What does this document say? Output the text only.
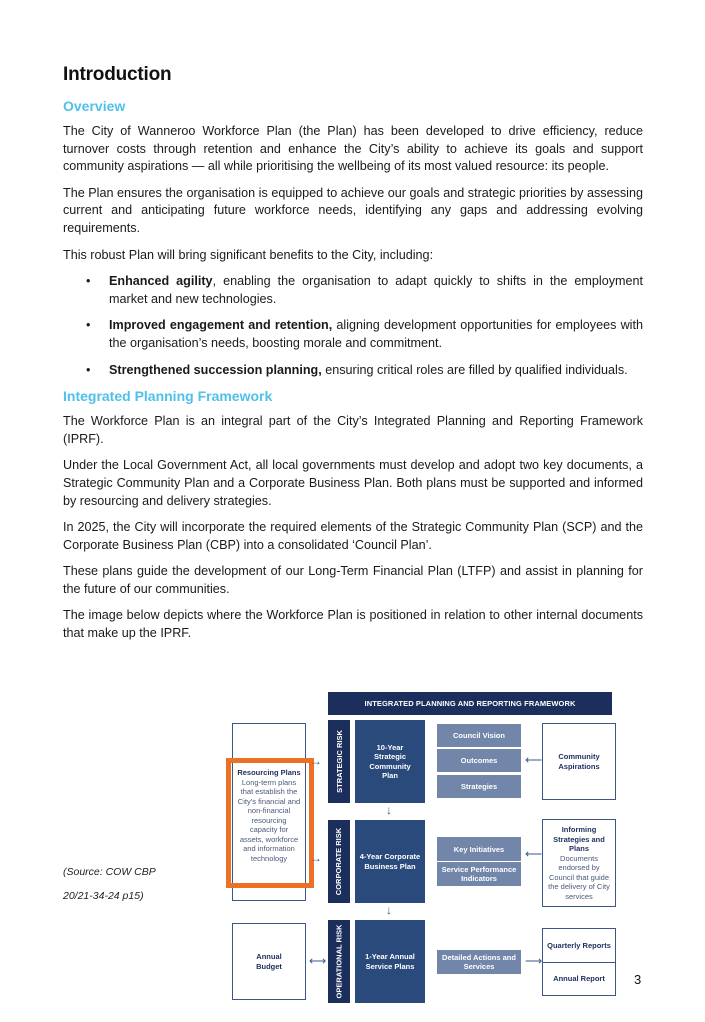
Introduction
Overview

The City of Wanneroo Workforce Plan (the Plan) has been developed to drive efficiency, reduce turnover costs through retention and enhance the City’s ability to achieve its goals and support community aspirations — all while prioritising the wellbeing of its most valued resource: its people.

The Plan ensures the organisation is equipped to achieve our goals and strategic priorities by assessing current and anticipating future workforce needs, identifying any gaps and addressing evolving requirements.

This robust Plan will bring significant benefits to the City, including:

• Enhanced agility, enabling the organisation to adapt quickly to shifts in the employment market and new technologies.
• Improved engagement and retention, aligning development opportunities for employees with the organisation’s needs, boosting morale and commitment.
• Strengthened succession planning, ensuring critical roles are filled by qualified individuals.
Integrated Planning Framework

The Workforce Plan is an integral part of the City’s Integrated Planning and Reporting Framework (IPRF).

Under the Local Government Act, all local governments must develop and adopt two key documents, a Strategic Community Plan and a Corporate Business Plan. Both plans must be supported and informed by resourcing and delivery strategies.

In 2025, the City will incorporate the required elements of the Strategic Community Plan (SCP) and the Corporate Business Plan (CBP) into a consolidated ‘Council Plan’.

These plans guide the development of our Long-Term Financial Plan (LTFP) and assist in planning for the future of our communities.

The image below depicts where the Workforce Plan is positioned in relation to other internal documents that make up the IPRF.

(Source: COW CBP
20/21-34-24 p15)
3
INTEGRATED PLANNING AND REPORTING FRAMEWORK
STRATEGIC RISK
CORPORATE RISK
OPERATIONAL RISK
10-Year Strategic Community Plan
4-Year Corporate Business Plan
1-Year Annual Service Plans
↓
↓
Council Vision
Outcomes
Strategies
Key Initiatives
Service Performance Indicators
Detailed Actions and Services
Resourcing Plans
Long-term plans that establish the City’s financial and non-financial resourcing capacity for assets, workforce and information technology
Annual Budget
→
→
⟷
Community Aspirations
Informing Strategies and Plans
Documents endorsed by Council that guide the delivery of City services
Quarterly Reports
Annual Report
⟵
⟵
⟶
